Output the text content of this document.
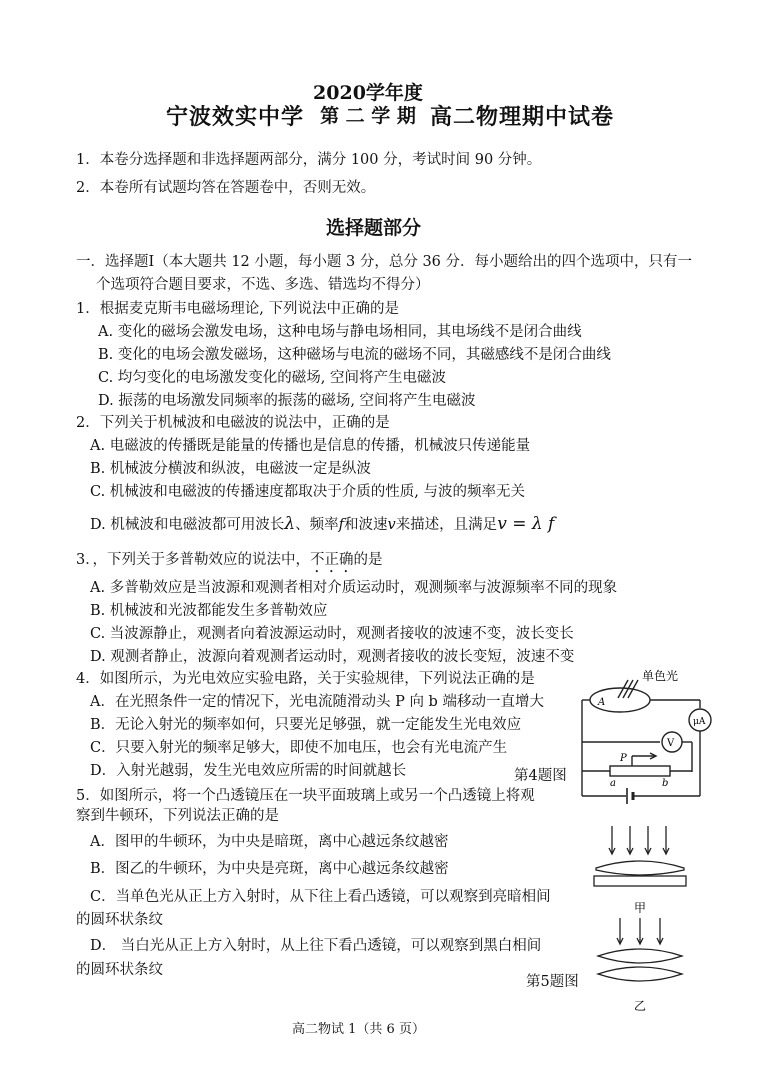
宁波效实中学
2020学年度
第 二 学 期 高二物理期中试卷
1．本卷分选择题和非选择题两部分，满分 100 分，考试时间 90 分钟。
2．本卷所有试题均答在答题卷中，否则无效。
选择题部分
一．选择题Ⅰ（本大题共 12 小题，每小题 3 分，总分 36 分．每小题给出的四个选项中，只有一
个选项符合题目要求，不选、多选、错选均不得分）
1．根据麦克斯韦电磁场理论, 下列说法中正确的是
A. 变化的磁场会激发电场，这种电场与静电场相同，其电场线不是闭合曲线
B. 变化的电场会激发磁场，这种磁场与电流的磁场不同，其磁感线不是闭合曲线
C. 均匀变化的电场激发变化的磁场, 空间将产生电磁波
D. 振荡的电场激发同频率的振荡的磁场, 空间将产生电磁波
2．下列关于机械波和电磁波的说法中，正确的是
A. 电磁波的传播既是能量的传播也是信息的传播，机械波只传递能量
B. 机械波分横波和纵波，电磁波一定是纵波
C. 机械波和电磁波的传播速度都取决于介质的性质, 与波的频率无关
D. 机械波和电磁波都可用波长λ、频率f和波速v来描述，且满足v = λ f
3．，下列关于多普勒效应的说法中，不正确的是
A. 多普勒效应是当波源和观测者相对介质运动时，观测频率与波源频率不同的现象
B. 机械波和光波都能发生多普勒效应
C. 当波源静止，观测者向着波源运动时，观测者接收的波速不变，波长变长
D. 观测者静止，波源向着观测者运动时，观测者接收的波长变短，波速不变
4．如图所示，为光电效应实验电路，关于实验规律，下列说法正确的是
A．在光照条件一定的情况下，光电流随滑动头 P 向 b 端移动一直增大
B．无论入射光的频率如何，只要光足够强，就一定能发生光电效应
C．只要入射光的频率足够大，即使不加电压，也会有光电流产生
D．入射光越弱，发生光电效应所需的时间就越长	第4题图
单色光
A
V
μA
P
a	b
5．如图所示，将一个凸透镜压在一块平面玻璃上或另一个凸透镜上将观
察到牛顿环，下列说法正确的是
A．图甲的牛顿环，为中央是暗斑，离中心越远条纹越密
B．图乙的牛顿环，为中央是亮斑，离中心越远条纹越密
C．当单色光从正上方入射时，从下往上看凸透镜，可以观察到亮暗相间
的圆环状条纹
D． 当白光从正上方入射时，从上往下看凸透镜，可以观察到黑白相间
的圆环状条纹
第5题图
甲
乙
高二物试 1（共 6 页）
